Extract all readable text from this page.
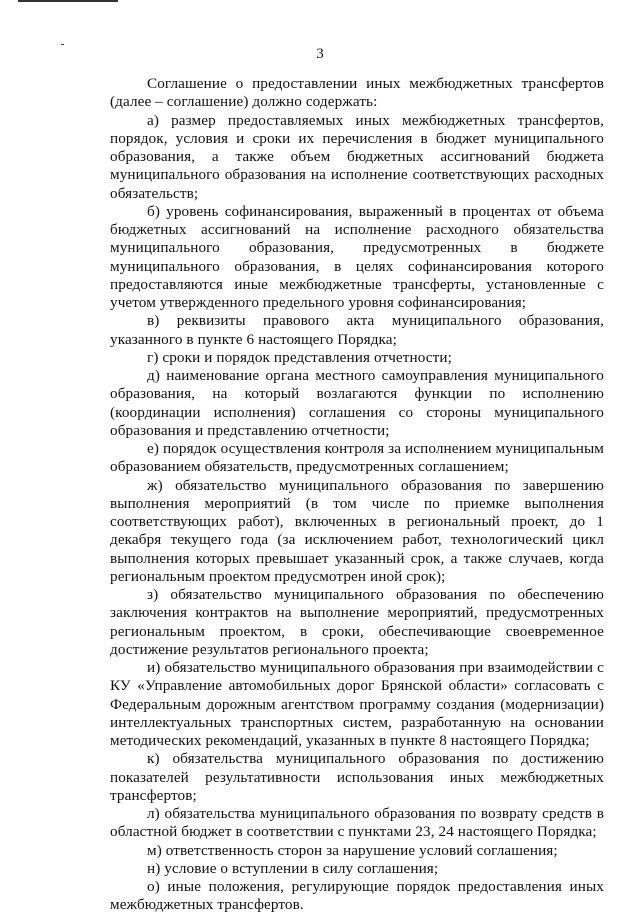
3

Соглашение о предоставлении иных межбюджетных трансфертов (далее – соглашение) должно содержать:

а) размер предоставляемых иных межбюджетных трансфертов, порядок, условия и сроки их перечисления в бюджет муниципального образования, а также объем бюджетных ассигнований бюджета муниципального образования на исполнение соответствующих расходных обязательств;

б) уровень софинансирования, выраженный в процентах от объема бюджетных ассигнований на исполнение расходного обязательства муниципального образования, предусмотренных в бюджете муниципального образования, в целях софинансирования которого предоставляются иные межбюджетные трансферты, установленные с учетом утвержденного предельного уровня софинансирования;

в) реквизиты правового акта муниципального образования, указанного в пункте 6 настоящего Порядка;

г) сроки и порядок представления отчетности;

д) наименование органа местного самоуправления муниципального образования, на который возлагаются функции по исполнению (координации исполнения) соглашения со стороны муниципального образования и представлению отчетности;

е) порядок осуществления контроля за исполнением муниципальным образованием обязательств, предусмотренных соглашением;

ж) обязательство муниципального образования по завершению выполнения мероприятий (в том числе по приемке выполнения соответствующих работ), включенных в региональный проект, до 1 декабря текущего года (за исключением работ, технологический цикл выполнения которых превышает указанный срок, а также случаев, когда региональным проектом предусмотрен иной срок);

з) обязательство муниципального образования по обеспечению заключения контрактов на выполнение мероприятий, предусмотренных региональным проектом, в сроки, обеспечивающие своевременное достижение результатов регионального проекта;

и) обязательство муниципального образования при взаимодействии с КУ «Управление автомобильных дорог Брянской области» согласовать с Федеральным дорожным агентством программу создания (модернизации) интеллектуальных транспортных систем, разработанную на основании методических рекомендаций, указанных в пункте 8 настоящего Порядка;

к) обязательства муниципального образования по достижению показателей результативности использования иных межбюджетных трансфертов;

л) обязательства муниципального образования по возврату средств в областной бюджет в соответствии с пунктами 23, 24 настоящего Порядка;

м) ответственность сторон за нарушение условий соглашения;

н) условие о вступлении в силу соглашения;

о) иные положения, регулирующие порядок предоставления иных межбюджетных трансфертов.
